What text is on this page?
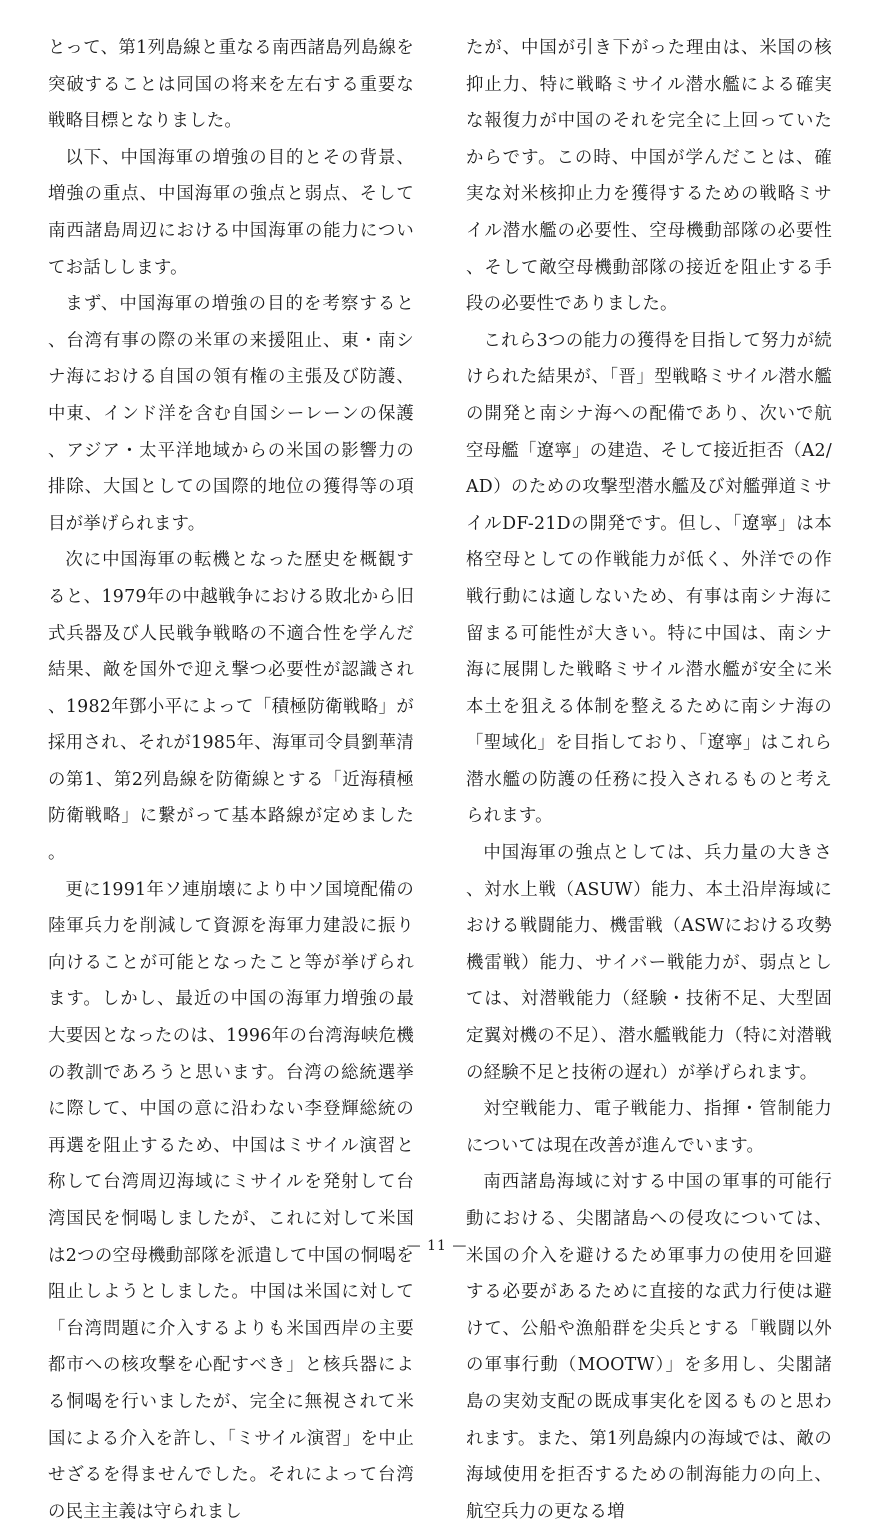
とって、第1列島線と重なる南西諸島列島線を突破することは同国の将来を左右する重要な戦略目標となりました。

以下、中国海軍の増強の目的とその背景、増強の重点、中国海軍の強点と弱点、そして南西諸島周辺における中国海軍の能力についてお話しします。

まず、中国海軍の増強の目的を考察すると、台湾有事の際の米軍の来援阻止、東・南シナ海における自国の領有権の主張及び防護、中東、インド洋を含む自国シーレーンの保護、アジア・太平洋地域からの米国の影響力の排除、大国としての国際的地位の獲得等の項目が挙げられます。

次に中国海軍の転機となった歴史を概観すると、1979年の中越戦争における敗北から旧式兵器及び人民戦争戦略の不適合性を学んだ結果、敵を国外で迎え撃つ必要性が認識され、1982年鄧小平によって「積極防衛戦略」が採用され、それが1985年、海軍司令員劉華清の第1、第2列島線を防衛線とする「近海積極防衛戦略」に繋がって基本路線が定めました。

更に1991年ソ連崩壊により中ソ国境配備の陸軍兵力を削減して資源を海軍力建設に振り向けることが可能となったこと等が挙げられます。しかし、最近の中国の海軍力増強の最大要因となったのは、1996年の台湾海峡危機の教訓であろうと思います。台湾の総統選挙に際して、中国の意に沿わない李登輝総統の再選を阻止するため、中国はミサイル演習と称して台湾周辺海域にミサイルを発射して台湾国民を恫喝しましたが、これに対して米国は2つの空母機動部隊を派遣して中国の恫喝を阻止しようとしました。中国は米国に対して「台湾問題に介入するよりも米国西岸の主要都市への核攻撃を心配すべき」と核兵器による恫喝を行いましたが、完全に無視されて米国による介入を許し、「ミサイル演習」を中止せざるを得ませんでした。それによって台湾の民主主義は守られまし

たが、中国が引き下がった理由は、米国の核抑止力、特に戦略ミサイル潜水艦による確実な報復力が中国のそれを完全に上回っていたからです。この時、中国が学んだことは、確実な対米核抑止力を獲得するための戦略ミサイル潜水艦の必要性、空母機動部隊の必要性、そして敵空母機動部隊の接近を阻止する手段の必要性でありました。

これら3つの能力の獲得を目指して努力が続けられた結果が、「晋」型戦略ミサイル潜水艦の開発と南シナ海への配備であり、次いで航空母艦「遼寧」の建造、そして接近拒否（A2/AD）のための攻撃型潜水艦及び対艦弾道ミサイルDF-21Dの開発です。但し、「遼寧」は本格空母としての作戦能力が低く、外洋での作戦行動には適しないため、有事は南シナ海に留まる可能性が大きい。特に中国は、南シナ海に展開した戦略ミサイル潜水艦が安全に米本土を狙える体制を整えるために南シナ海の「聖域化」を目指しており、「遼寧」はこれら潜水艦の防護の任務に投入されるものと考えられます。

中国海軍の強点としては、兵力量の大きさ、対水上戦（ASUW）能力、本土沿岸海域における戦闘能力、機雷戦（ASWにおける攻勢機雷戦）能力、サイバー戦能力が、弱点としては、対潜戦能力（経験・技術不足、大型固定翼対機の不足）、潜水艦戦能力（特に対潜戦の経験不足と技術の遅れ）が挙げられます。

対空戦能力、電子戦能力、指揮・管制能力については現在改善が進んでいます。

南西諸島海域に対する中国の軍事的可能行動における、尖閣諸島への侵攻については、米国の介入を避けるため軍事力の使用を回避する必要があるために直接的な武力行使は避けて、公船や漁船群を尖兵とする「戦闘以外の軍事行動（MOOTW）」を多用し、尖閣諸島の実効支配の既成事実化を図るものと思われます。また、第1列島線内の海域では、敵の海域使用を拒否するための制海能力の向上、航空兵力の更なる増

— 11 —
